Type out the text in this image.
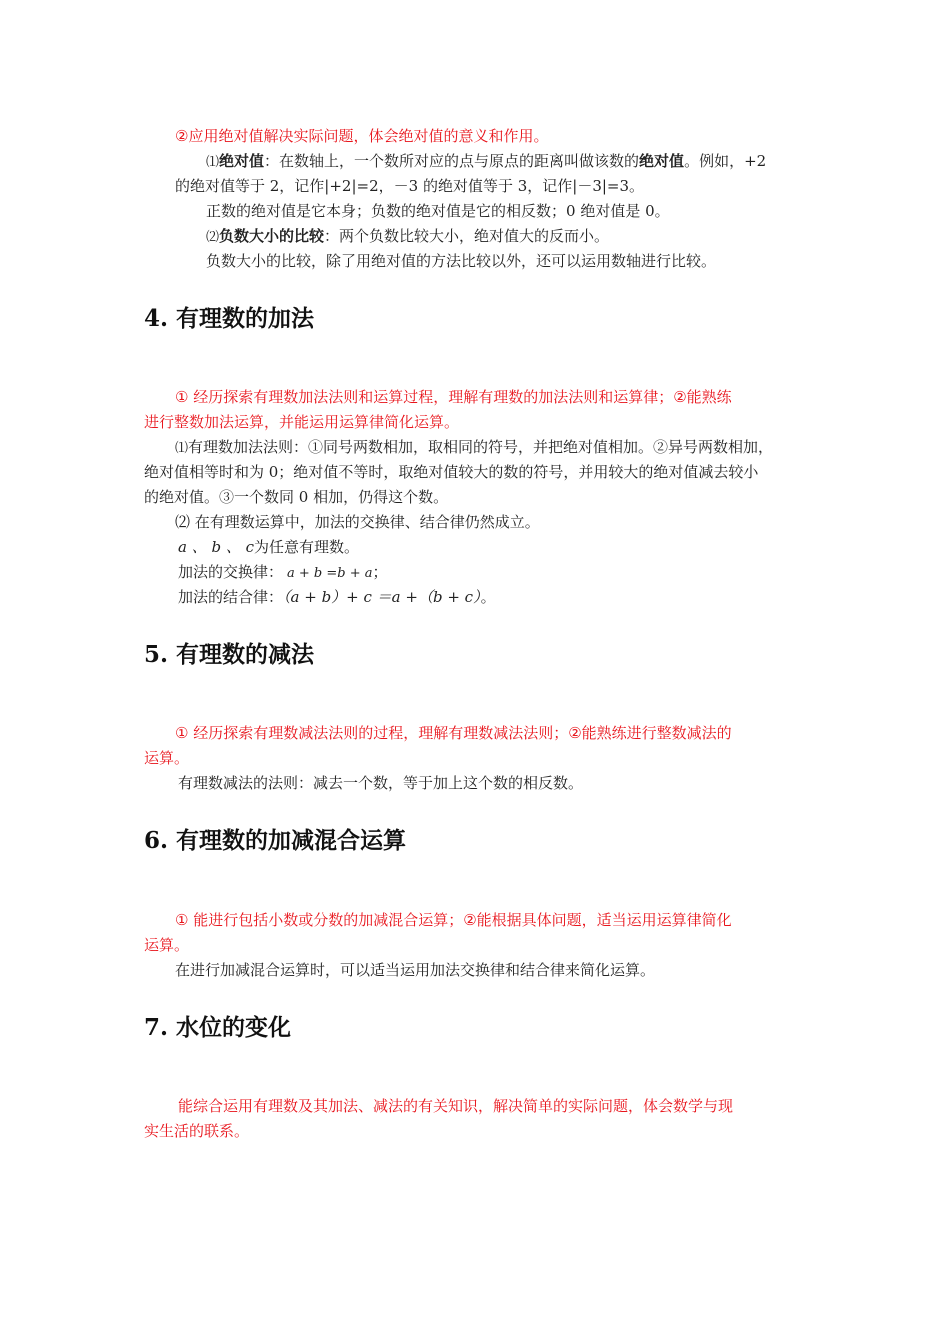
②应用绝对值解决实际问题，体会绝对值的意义和作用。
⑴绝对值：在数轴上，一个数所对应的点与原点的距离叫做该数的绝对值。例如，+2
的绝对值等于 2，记作|+2|=2，－3 的绝对值等于 3，记作|－3|=3。
正数的绝对值是它本身；负数的绝对值是它的相反数；0 绝对值是 0。
⑵负数大小的比较：两个负数比较大小，绝对值大的反而小。
负数大小的比较，除了用绝对值的方法比较以外，还可以运用数轴进行比较。
4. 有理数的加法
① 经历探索有理数加法法则和运算过程，理解有理数的加法法则和运算律；②能熟练
进行整数加法运算，并能运用运算律简化运算。
⑴有理数加法法则：①同号两数相加，取相同的符号，并把绝对值相加。②异号两数相加，
绝对值相等时和为 0；绝对值不等时，取绝对值较大的数的符号，并用较大的绝对值减去较小
的绝对值。③一个数同 0 相加，仍得这个数。
⑵ 在有理数运算中，加法的交换律、结合律仍然成立。
a 、 b 、 c为任意有理数。
加法的交换律： a + b =b + a；
加法的结合律：（a + b）+ c ＝a +（b + c）。
5. 有理数的减法
① 经历探索有理数减法法则的过程，理解有理数减法法则；②能熟练进行整数减法的
运算。
有理数减法的法则：减去一个数，等于加上这个数的相反数。
6. 有理数的加减混合运算
① 能进行包括小数或分数的加减混合运算；②能根据具体问题，适当运用运算律简化
运算。
在进行加减混合运算时，可以适当运用加法交换律和结合律来简化运算。
7. 水位的变化
能综合运用有理数及其加法、减法的有关知识，解决简单的实际问题，体会数学与现
实生活的联系。
